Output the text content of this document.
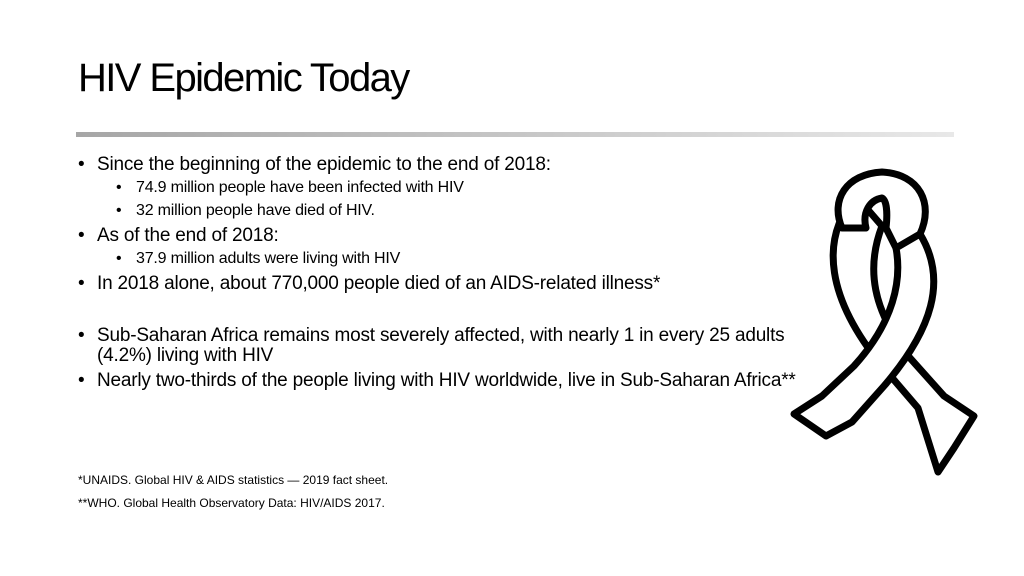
HIV Epidemic Today
• Since the beginning of the epidemic to the end of 2018:
• 74.9 million people have been infected with HIV
• 32 million people have died of HIV.
• As of the end of 2018:
• 37.9 million adults were living with HIV
• In 2018 alone, about 770,000 people died of an AIDS-related illness*
• Sub-Saharan Africa remains most severely affected, with nearly 1 in every 25 adults (4.2%) living with HIV
• Nearly two-thirds of the people living with HIV worldwide, live in Sub-Saharan Africa**

*UNAIDS. Global HIV & AIDS statistics — 2019 fact sheet.

**WHO. Global Health Observatory Data: HIV/AIDS 2017.
